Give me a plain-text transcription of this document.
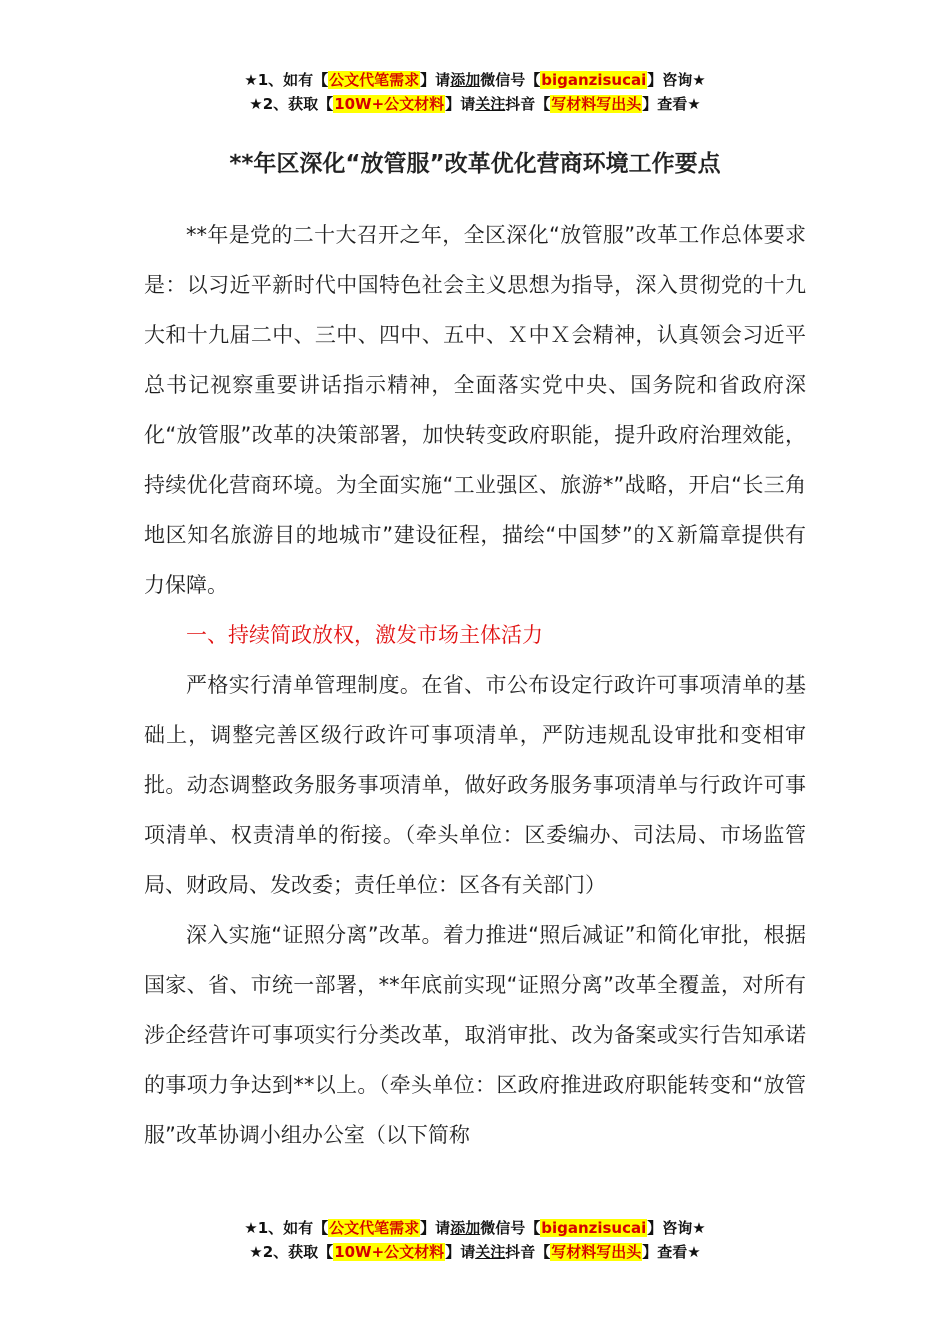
★1、如有【公文代笔需求】请添加微信号【biganzisucai】咨询★
★2、获取【10W+公文材料】请关注抖音【写材料写出头】查看★
**年区深化“放管服”改革优化营商环境工作要点

**年是党的二十大召开之年，全区深化“放管服”改革工作总体要求是：以习近平新时代中国特色社会主义思想为指导，深入贯彻党的十九大和十九届二中、三中、四中、五中、Ｘ中Ｘ会精神，认真领会习近平总书记视察重要讲话指示精神，全面落实党中央、国务院和省政府深化“放管服”改革的决策部署，加快转变政府职能，提升政府治理效能，持续优化营商环境。为全面实施“工业强区、旅游*”战略，开启“长三角地区知名旅游目的地城市”建设征程，描绘“中国梦”的Ｘ新篇章提供有力保障。

一、持续简政放权，激发市场主体活力

严格实行清单管理制度。在省、市公布设定行政许可事项清单的基础上，调整完善区级行政许可事项清单，严防违规乱设审批和变相审批。动态调整政务服务事项清单，做好政务服务事项清单与行政许可事项清单、权责清单的衔接。（牵头单位：区委编办、司法局、市场监管局、财政局、发改委；责任单位：区各有关部门）

深入实施“证照分离”改革。着力推进“照后减证”和简化审批，根据国家、省、市统一部署，**年底前实现“证照分离”改革全覆盖，对所有涉企经营许可事项实行分类改革，取消审批、改为备案或实行告知承诺的事项力争达到**以上。（牵头单位：区政府推进政府职能转变和“放管服”改革协调小组办公室（以下简称

★1、如有【公文代笔需求】请添加微信号【biganzisucai】咨询★
★2、获取【10W+公文材料】请关注抖音【写材料写出头】查看★
